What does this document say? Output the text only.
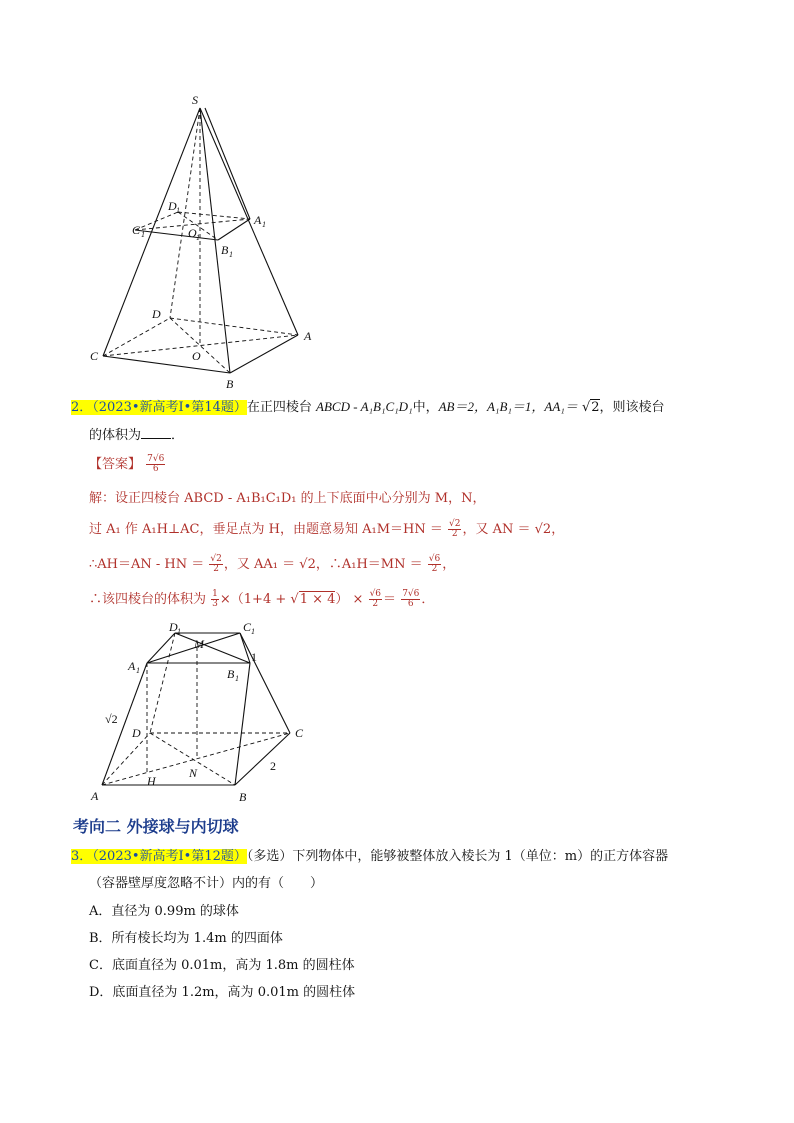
S
D 1
A 1
C 1	O 1
B 1
D
A
C	O
B
2．（2023•新高考Ⅰ•第14题）在正四棱台 ABCD - A₁B₁C₁D₁中，AB＝2，A₁B₁＝1，AA₁＝ √2，则该棱台
的体积为 ．
【答案】 $\frac{7√6}{6}$
解：设正四棱台 ABCD - A₁B₁C₁D₁ 的上下底面中心分别为 M，N，
过 A₁ 作 A₁H⊥AC，垂足点为 H，由题意易知 $A_1M=HN = \frac{√2}{2}$ ，又 AN ＝ √2，
∴AH＝AN - HN ＝ $\frac{√2}{2}$ ，又 AA₁ ＝ √2，∴A₁H＝MN ＝ $\frac{√6}{2}$ ，
∴该四棱台的体积为 $\frac{1}{3} \times(1+4 + √1 \times 4) \times \frac{√6}{2} = \frac{7√6}{6}$ ．
D 1	C 1
M
A 1	B 1
1
√2
D	C
H
N	2
A	B
考向二 外接球与内切球
3．（2023•新高考Ⅰ•第12题）（多选）下列物体中，能够被整体放入棱长为 1（单位：m）的正方体容器
（容器壁厚度忽略不计）内的有（　　）
A．直径为 0.99m 的球体
B．所有棱长均为 1.4m 的四面体
C．底面直径为 0.01m，高为 1.8m 的圆柱体
D．底面直径为 1.2m，高为 0.01m 的圆柱体
